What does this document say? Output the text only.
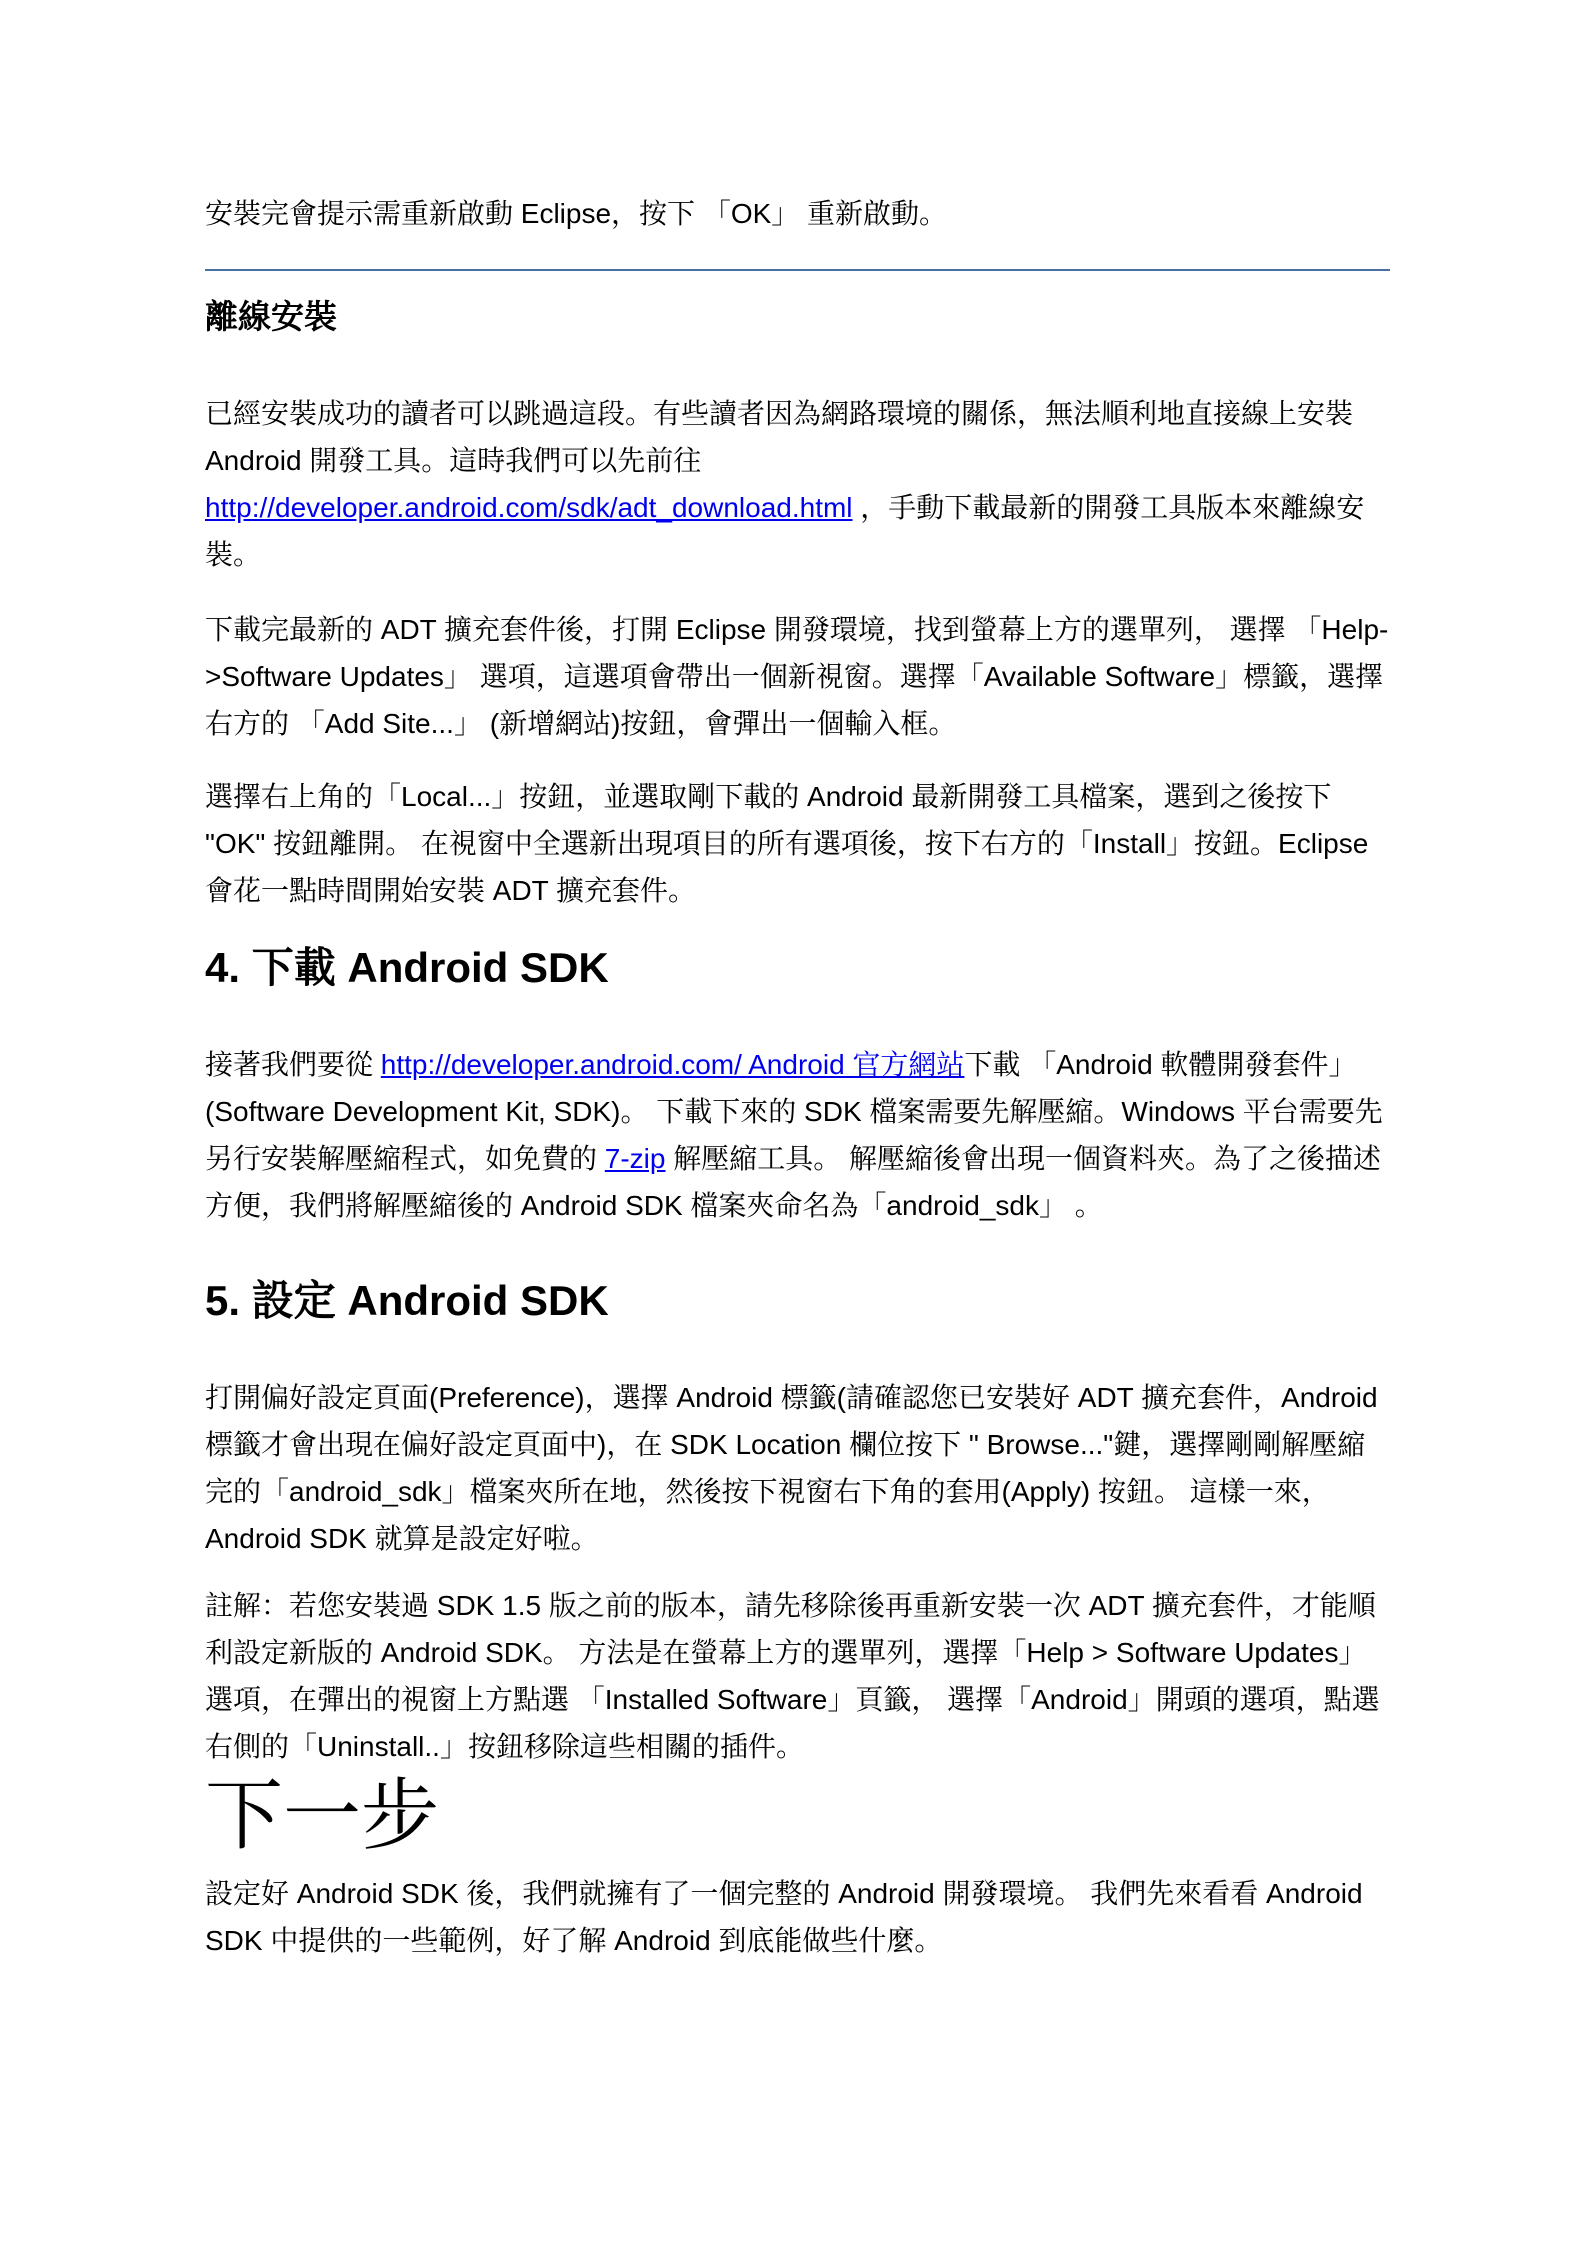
安裝完會提示需重新啟動 Eclipse，按下 「OK」 重新啟動。

離線安裝

已經安裝成功的讀者可以跳過這段。有些讀者因為網路環境的關係，無法順利地直接線上安裝 Android 開發工具。這時我們可以先前往
http://developer.android.com/sdk/adt_download.html ，手動下載最新的開發工具版本來離線安裝。

下載完最新的 ADT 擴充套件後，打開 Eclipse 開發環境，找到螢幕上方的選單列， 選擇 「Help->Software Updates」 選項，這選項會帶出一個新視窗。選擇「Available Software」標籤，選擇右方的 「Add Site...」 (新增網站)按鈕，會彈出一個輸入框。

選擇右上角的「Local...」按鈕，並選取剛下載的 Android 最新開發工具檔案，選到之後按下 "OK" 按鈕離開。 在視窗中全選新出現項目的所有選項後，按下右方的「Install」按鈕。Eclipse 會花一點時間開始安裝 ADT 擴充套件。

4. 下載 Android SDK

接著我們要從 http://developer.android.com/ Android 官方網站下載 「Android 軟體開發套件」 (Software Development Kit, SDK)。 下載下來的 SDK 檔案需要先解壓縮。Windows 平台需要先另行安裝解壓縮程式，如免費的 7-zip 解壓縮工具。 解壓縮後會出現一個資料夾。為了之後描述方便，我們將解壓縮後的 Android SDK 檔案夾命名為「android_sdk」 。

5. 設定 Android SDK

打開偏好設定頁面(Preference)，選擇 Android 標籤(請確認您已安裝好 ADT 擴充套件，Android 標籤才會出現在偏好設定頁面中)，在 SDK Location 欄位按下 " Browse..."鍵，選擇剛剛解壓縮完的「android_sdk」檔案夾所在地，然後按下視窗右下角的套用(Apply) 按鈕。 這樣一來，Android SDK 就算是設定好啦。

註解：若您安裝過 SDK 1.5 版之前的版本，請先移除後再重新安裝一次 ADT 擴充套件，才能順利設定新版的 Android SDK。 方法是在螢幕上方的選單列，選擇「Help > Software Updates」選項，在彈出的視窗上方點選 「Installed Software」頁籤， 選擇「Android」開頭的選項，點選右側的「Uninstall..」按鈕移除這些相關的插件。

下一步

設定好 Android SDK 後，我們就擁有了一個完整的 Android 開發環境。 我們先來看看 Android SDK 中提供的一些範例，好了解 Android 到底能做些什麼。
